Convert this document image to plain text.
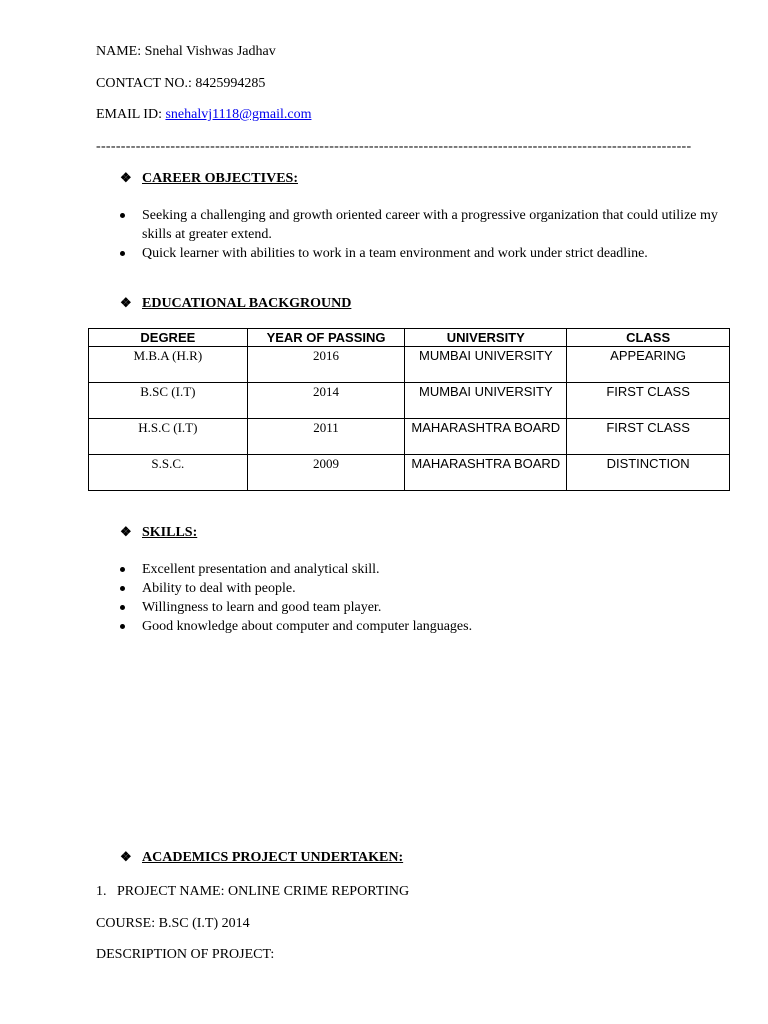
NAME: Snehal Vishwas Jadhav
CONTACT NO.: 8425994285
EMAIL ID: snehalvj1118@gmail.com
------------------------------------------------------------------------------------------------------------------------
❖ CAREER OBJECTIVES:
Seeking a challenging and growth oriented career with a progressive organization that could utilize my skills at greater extend.
Quick learner with abilities to work in a team environment and work under strict deadline.
❖ EDUCATIONAL BACKGROUND
DEGREE	YEAR OF PASSING	UNIVERSITY	CLASS
M.B.A (H.R)	2016	MUMBAI UNIVERSITY	APPEARING
B.SC (I.T)	2014	MUMBAI UNIVERSITY	FIRST CLASS
H.S.C (I.T)	2011	MAHARASHTRA BOARD	FIRST CLASS
S.S.C.	2009	MAHARASHTRA BOARD	DISTINCTION
❖ SKILLS:
Excellent presentation and analytical skill.
Ability to deal with people.
Willingness to learn and good team player.
Good knowledge about computer and computer languages.
❖ ACADEMICS PROJECT UNDERTAKEN:
1.   PROJECT NAME: ONLINE CRIME REPORTING
COURSE: B.SC (I.T) 2014
DESCRIPTION OF PROJECT:
